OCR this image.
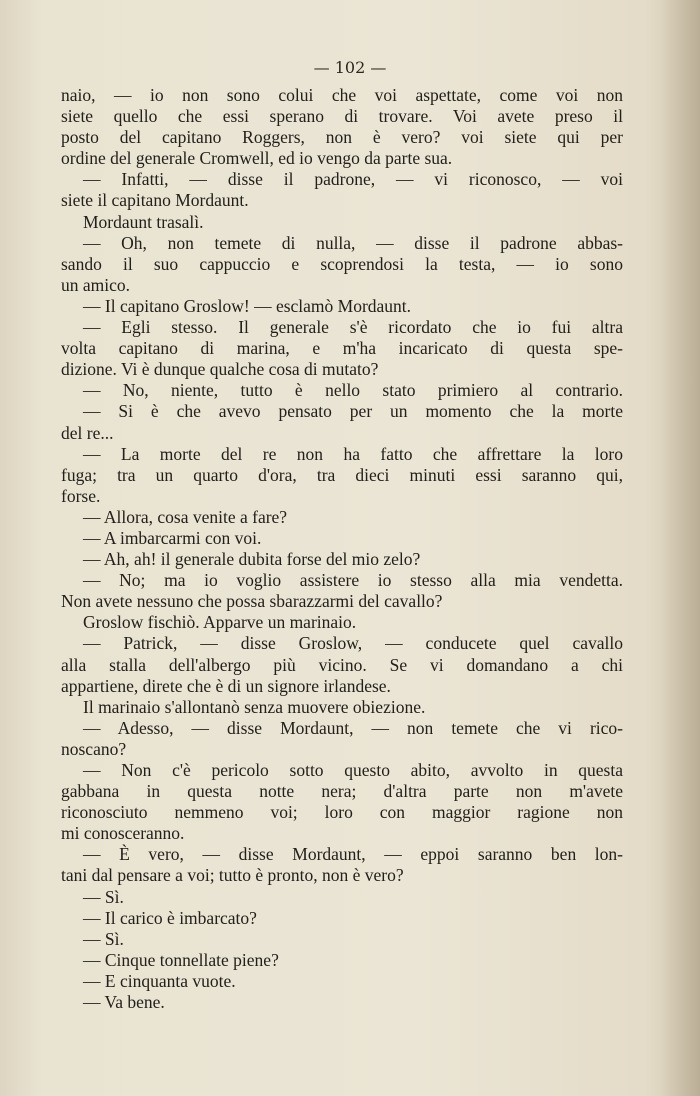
— 102 —
naio, — io non sono colui che voi aspettate, come voi non
siete quello che essi sperano di trovare. Voi avete preso il
posto del capitano Roggers, non è vero? voi siete qui per
ordine del generale Cromwell, ed io vengo da parte sua.
— Infatti, — disse il padrone, — vi riconosco, — voi
siete il capitano Mordaunt.
Mordaunt trasalì.
— Oh, non temete di nulla, — disse il padrone abbas-
sando il suo cappuccio e scoprendosi la testa, — io sono
un amico.
— Il capitano Groslow! — esclamò Mordaunt.
— Egli stesso. Il generale s'è ricordato che io fui altra
volta capitano di marina, e m'ha incaricato di questa spe-
dizione. Vi è dunque qualche cosa di mutato?
— No, niente, tutto è nello stato primiero al contrario.
— Si è che avevo pensato per un momento che la morte
del re...
— La morte del re non ha fatto che affrettare la loro
fuga; tra un quarto d'ora, tra dieci minuti essi saranno qui,
forse.
— Allora, cosa venite a fare?
— A imbarcarmi con voi.
— Ah, ah! il generale dubita forse del mio zelo?
— No; ma io voglio assistere io stesso alla mia vendetta.
Non avete nessuno che possa sbarazzarmi del cavallo?
Groslow fischiò. Apparve un marinaio.
— Patrick, — disse Groslow, — conducete quel cavallo
alla stalla dell'albergo più vicino. Se vi domandano a chi
appartiene, direte che è di un signore irlandese.
Il marinaio s'allontanò senza muovere obiezione.
— Adesso, — disse Mordaunt, — non temete che vi rico-
noscano?
— Non c'è pericolo sotto questo abito, avvolto in questa
gabbana in questa notte nera; d'altra parte non m'avete
riconosciuto nemmeno voi; loro con maggior ragione non
mi conosceranno.
— È vero, — disse Mordaunt, — eppoi saranno ben lon-
tani dal pensare a voi; tutto è pronto, non è vero?
— Sì.
— Il carico è imbarcato?
— Sì.
— Cinque tonnellate piene?
— E cinquanta vuote.
— Va bene.
